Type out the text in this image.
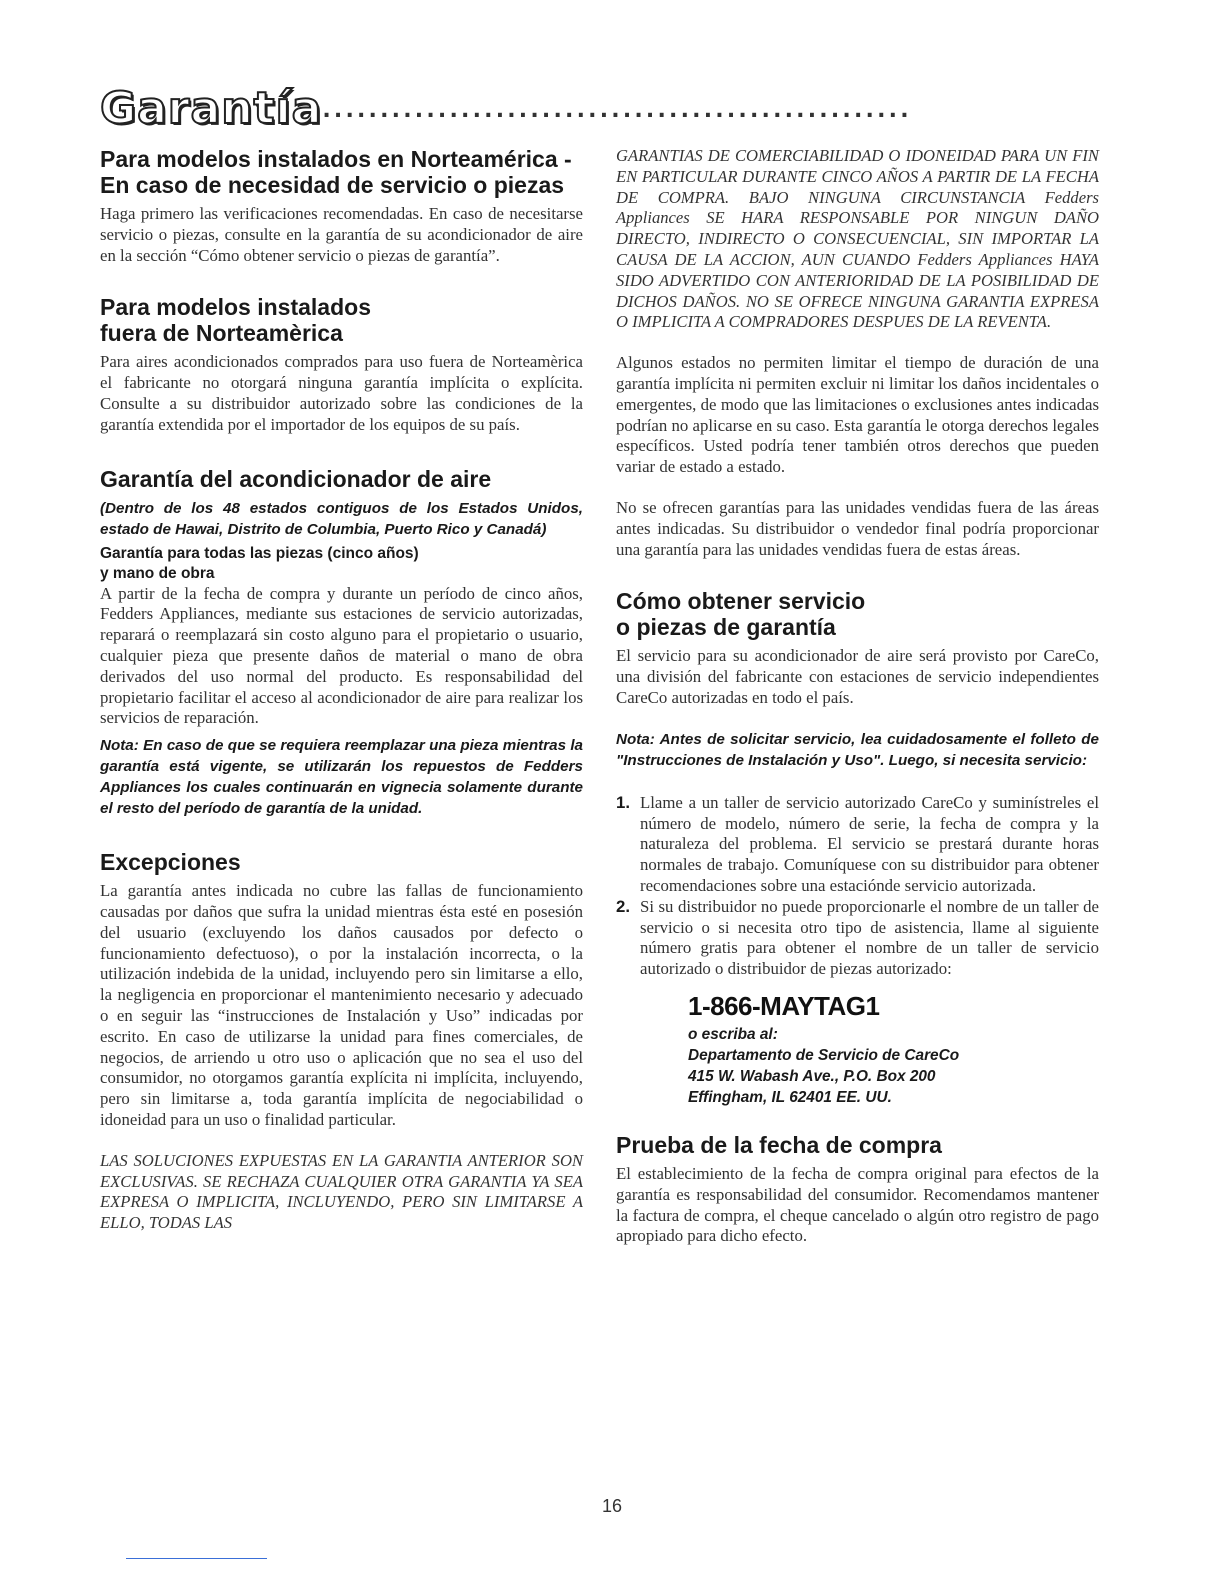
Garantía...................................................
Para modelos instalados en Norteamérica - En caso de necesidad de servicio o piezas

Haga primero las verificaciones recomendadas. En caso de necesitarse servicio o piezas, consulte en la garantía de su acondicionador de aire en la sección “Cómo obtener servicio o piezas de garantía”.

Para modelos instalados
fuera de Norteamèrica

Para aires acondicionados comprados para uso fuera de Norteamèrica el fabricante no otorgará ninguna garantía implícita o explícita. Consulte a su distribuidor autorizado sobre las condiciones de la garantía extendida por el importador de los equipos de su país.

Garantía del acondicionador de aire

(Dentro de los 48 estados contiguos de los Estados Unidos, estado de Hawai, Distrito de Columbia, Puerto Rico y Canadá)

Garantía para todas las piezas (cinco años)
y mano de obra

A partir de la fecha de compra y durante un período de cinco años, Fedders Appliances, mediante sus estaciones de servicio autorizadas, reparará o reemplazará sin costo alguno para el propietario o usuario, cualquier pieza que presente daños de material o mano de obra derivados del uso normal del producto. Es responsabilidad del propietario facilitar el acceso al acondicionador de aire para realizar los servicios de reparación.

Nota: En caso de que se requiera reemplazar una pieza mientras la garantía está vigente, se utilizarán los repuestos de Fedders Appliances los cuales continuarán en vignecia solamente durante el resto del período de garantía de la unidad.

Excepciones

La garantía antes indicada no cubre las fallas de funcionamiento causadas por daños que sufra la unidad mientras ésta esté en posesión del usuario (excluyendo los daños causados por defecto o funcionamiento defectuoso), o por la instalación incorrecta, o la utilización indebida de la unidad, incluyendo pero sin limitarse a ello, la negligencia en proporcionar el mantenimiento necesario y adecuado o en seguir las “instrucciones de Instalación y Uso” indicadas por escrito. En caso de utilizarse la unidad para fines comerciales, de negocios, de arriendo u otro uso o aplicación que no sea el uso del consumidor, no otorgamos garantía explícita ni implícita, incluyendo, pero sin limitarse a, toda garantía implícita de negociabilidad o idoneidad para un uso o finalidad particular.

LAS SOLUCIONES EXPUESTAS EN LA GARANTIA ANTERIOR SON EXCLUSIVAS. SE RECHAZA CUALQUIER OTRA GARANTIA YA SEA EXPRESA O IMPLICITA, INCLUYENDO, PERO SIN LIMITARSE A ELLO, TODAS LAS

GARANTIAS DE COMERCIABILIDAD O IDONEIDAD PARA UN FIN EN PARTICULAR DURANTE CINCO AÑOS A PARTIR DE LA FECHA DE COMPRA. BAJO NINGUNA CIRCUNSTANCIA Fedders Appliances SE HARA RESPONSABLE POR NINGUN DAÑO DIRECTO, INDIRECTO O CONSECUENCIAL, SIN IMPORTAR LA CAUSA DE LA ACCION, AUN CUANDO Fedders Appliances HAYA SIDO ADVERTIDO CON ANTERIORIDAD DE LA POSIBILIDAD DE DICHOS DAÑOS. NO SE OFRECE NINGUNA GARANTIA EXPRESA O IMPLICITA A COMPRADORES DESPUES DE LA REVENTA.

Algunos estados no permiten limitar el tiempo de duración de una garantía implícita ni permiten excluir ni limitar los daños incidentales o emergentes, de modo que las limitaciones o exclusiones antes indicadas podrían no aplicarse en su caso. Esta garantía le otorga derechos legales específicos. Usted podría tener también otros derechos que pueden variar de estado a estado.

No se ofrecen garantías para las unidades vendidas fuera de las áreas antes indicadas. Su distribuidor o vendedor final podría proporcionar una garantía para las unidades vendidas fuera de estas áreas.

Cómo obtener servicio
o piezas de garantía

El servicio para su acondicionador de aire será provisto por CareCo, una división del fabricante con estaciones de servicio independientes CareCo autorizadas en todo el país.

Nota: Antes de solicitar servicio, lea cuidadosamente el folleto de "Instrucciones de Instalación y Uso". Luego, si necesita servicio:

1. Llame a un taller de servicio autorizado CareCo y suminístreles el número de modelo, número de serie, la fecha de compra y la naturaleza del problema. El servicio se prestará durante horas normales de trabajo. Comuníquese con su distribuidor para obtener recomendaciones sobre una estacióndе servicio autorizada.
2. Si su distribuidor no puede proporcionarle el nombre de un taller de servicio o si necesita otro tipo de asistencia, llame al siguiente número gratis para obtener el nombre de un taller de servicio autorizado o distribuidor de piezas autorizado:

1-866-MAYTAG1

o escriba al:

Departamento de Servicio de CareCo

415 W. Wabash Ave., P.O. Box 200

Effingham, IL 62401 EE. UU.

Prueba de la fecha de compra

El establecimiento de la fecha de compra original para efectos de la garantía es responsabilidad del consumidor. Recomendamos mantener la factura de compra, el cheque cancelado o algún otro registro de pago apropiado para dicho efecto.

16
